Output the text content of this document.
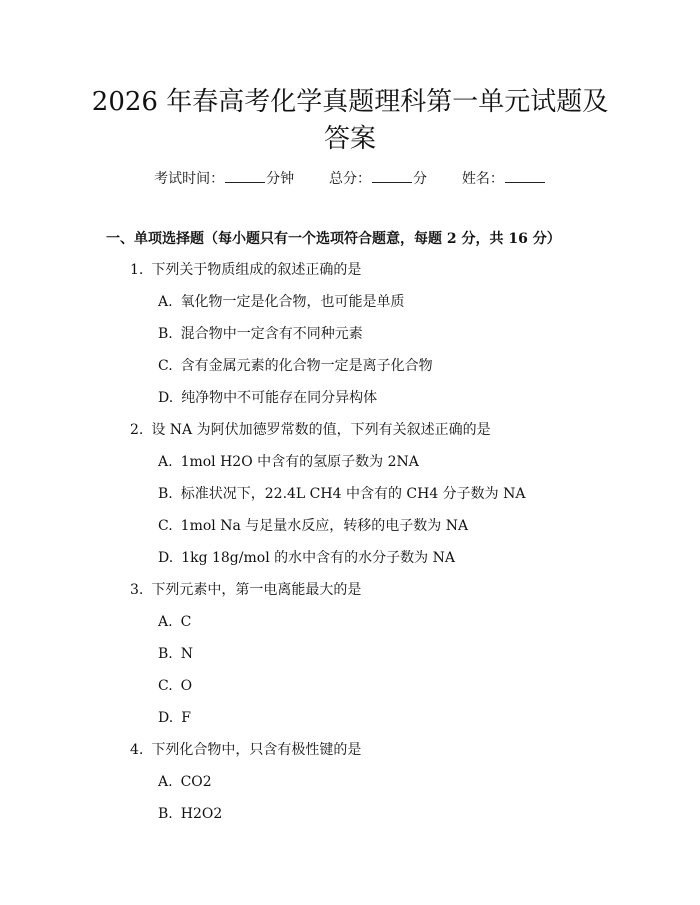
2026 年春高考化学真题理科第一单元试题及
答案
考试时间：	分钟 总分：	分 姓名：
一、单项选择题（每小题只有一个选项符合题意，每题 2 分，共 16 分）
1. 下列关于物质组成的叙述正确的是
A. 氧化物一定是化合物，也可能是单质
B. 混合物中一定含有不同种元素
C. 含有金属元素的化合物一定是离子化合物
D. 纯净物中不可能存在同分异构体
2. 设 NA 为阿伏加德罗常数的值，下列有关叙述正确的是
A. 1mol H2O 中含有的氢原子数为 2NA
B. 标准状况下，22.4L CH4 中含有的 CH4 分子数为 NA
C. 1mol Na 与足量水反应，转移的电子数为 NA
D. 1kg 18g/mol 的水中含有的水分子数为 NA
3. 下列元素中，第一电离能最大的是
A. C
B. N
C. O
D. F
4. 下列化合物中，只含有极性键的是
A. CO2
B. H2O2
